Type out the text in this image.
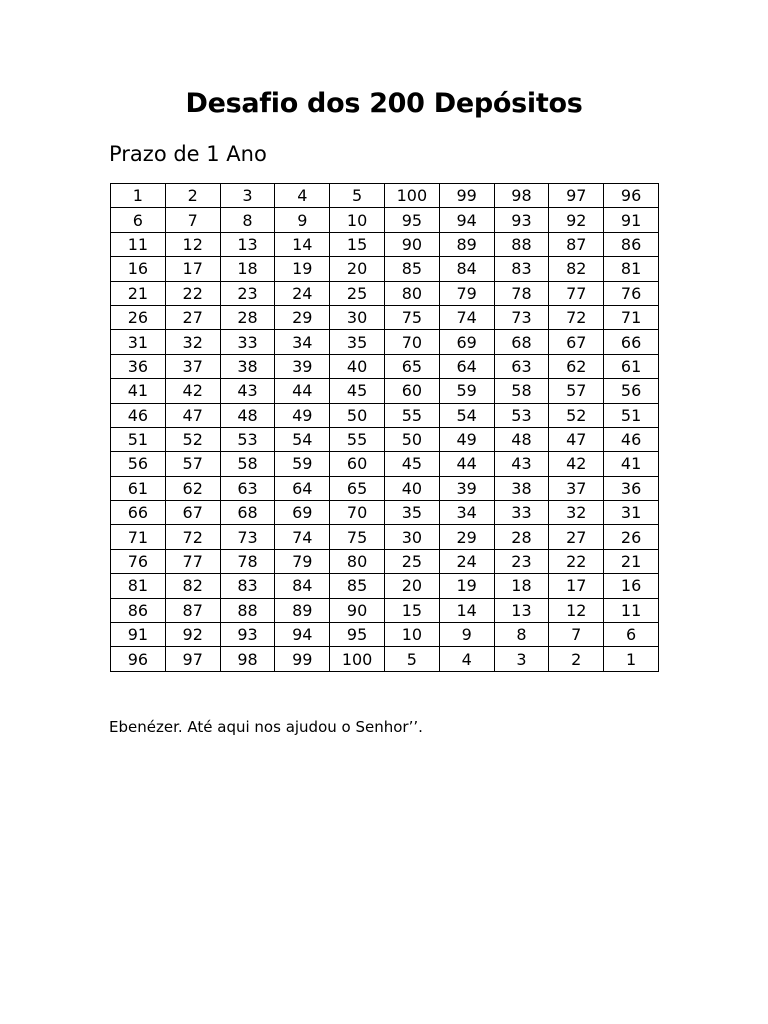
Desafio dos 200 Depósitos
Prazo de 1 Ano
1	2	3	4	5	100	99	98	97	96
6	7	8	9	10	95	94	93	92	91
11	12	13	14	15	90	89	88	87	86
16	17	18	19	20	85	84	83	82	81
21	22	23	24	25	80	79	78	77	76
26	27	28	29	30	75	74	73	72	71
31	32	33	34	35	70	69	68	67	66
36	37	38	39	40	65	64	63	62	61
41	42	43	44	45	60	59	58	57	56
46	47	48	49	50	55	54	53	52	51
51	52	53	54	55	50	49	48	47	46
56	57	58	59	60	45	44	43	42	41
61	62	63	64	65	40	39	38	37	36
66	67	68	69	70	35	34	33	32	31
71	72	73	74	75	30	29	28	27	26
76	77	78	79	80	25	24	23	22	21
81	82	83	84	85	20	19	18	17	16
86	87	88	89	90	15	14	13	12	11
91	92	93	94	95	10	9	8	7	6
96	97	98	99	100	5	4	3	2	1
Ebenézer. Até aqui nos ajudou o Senhor’’.
